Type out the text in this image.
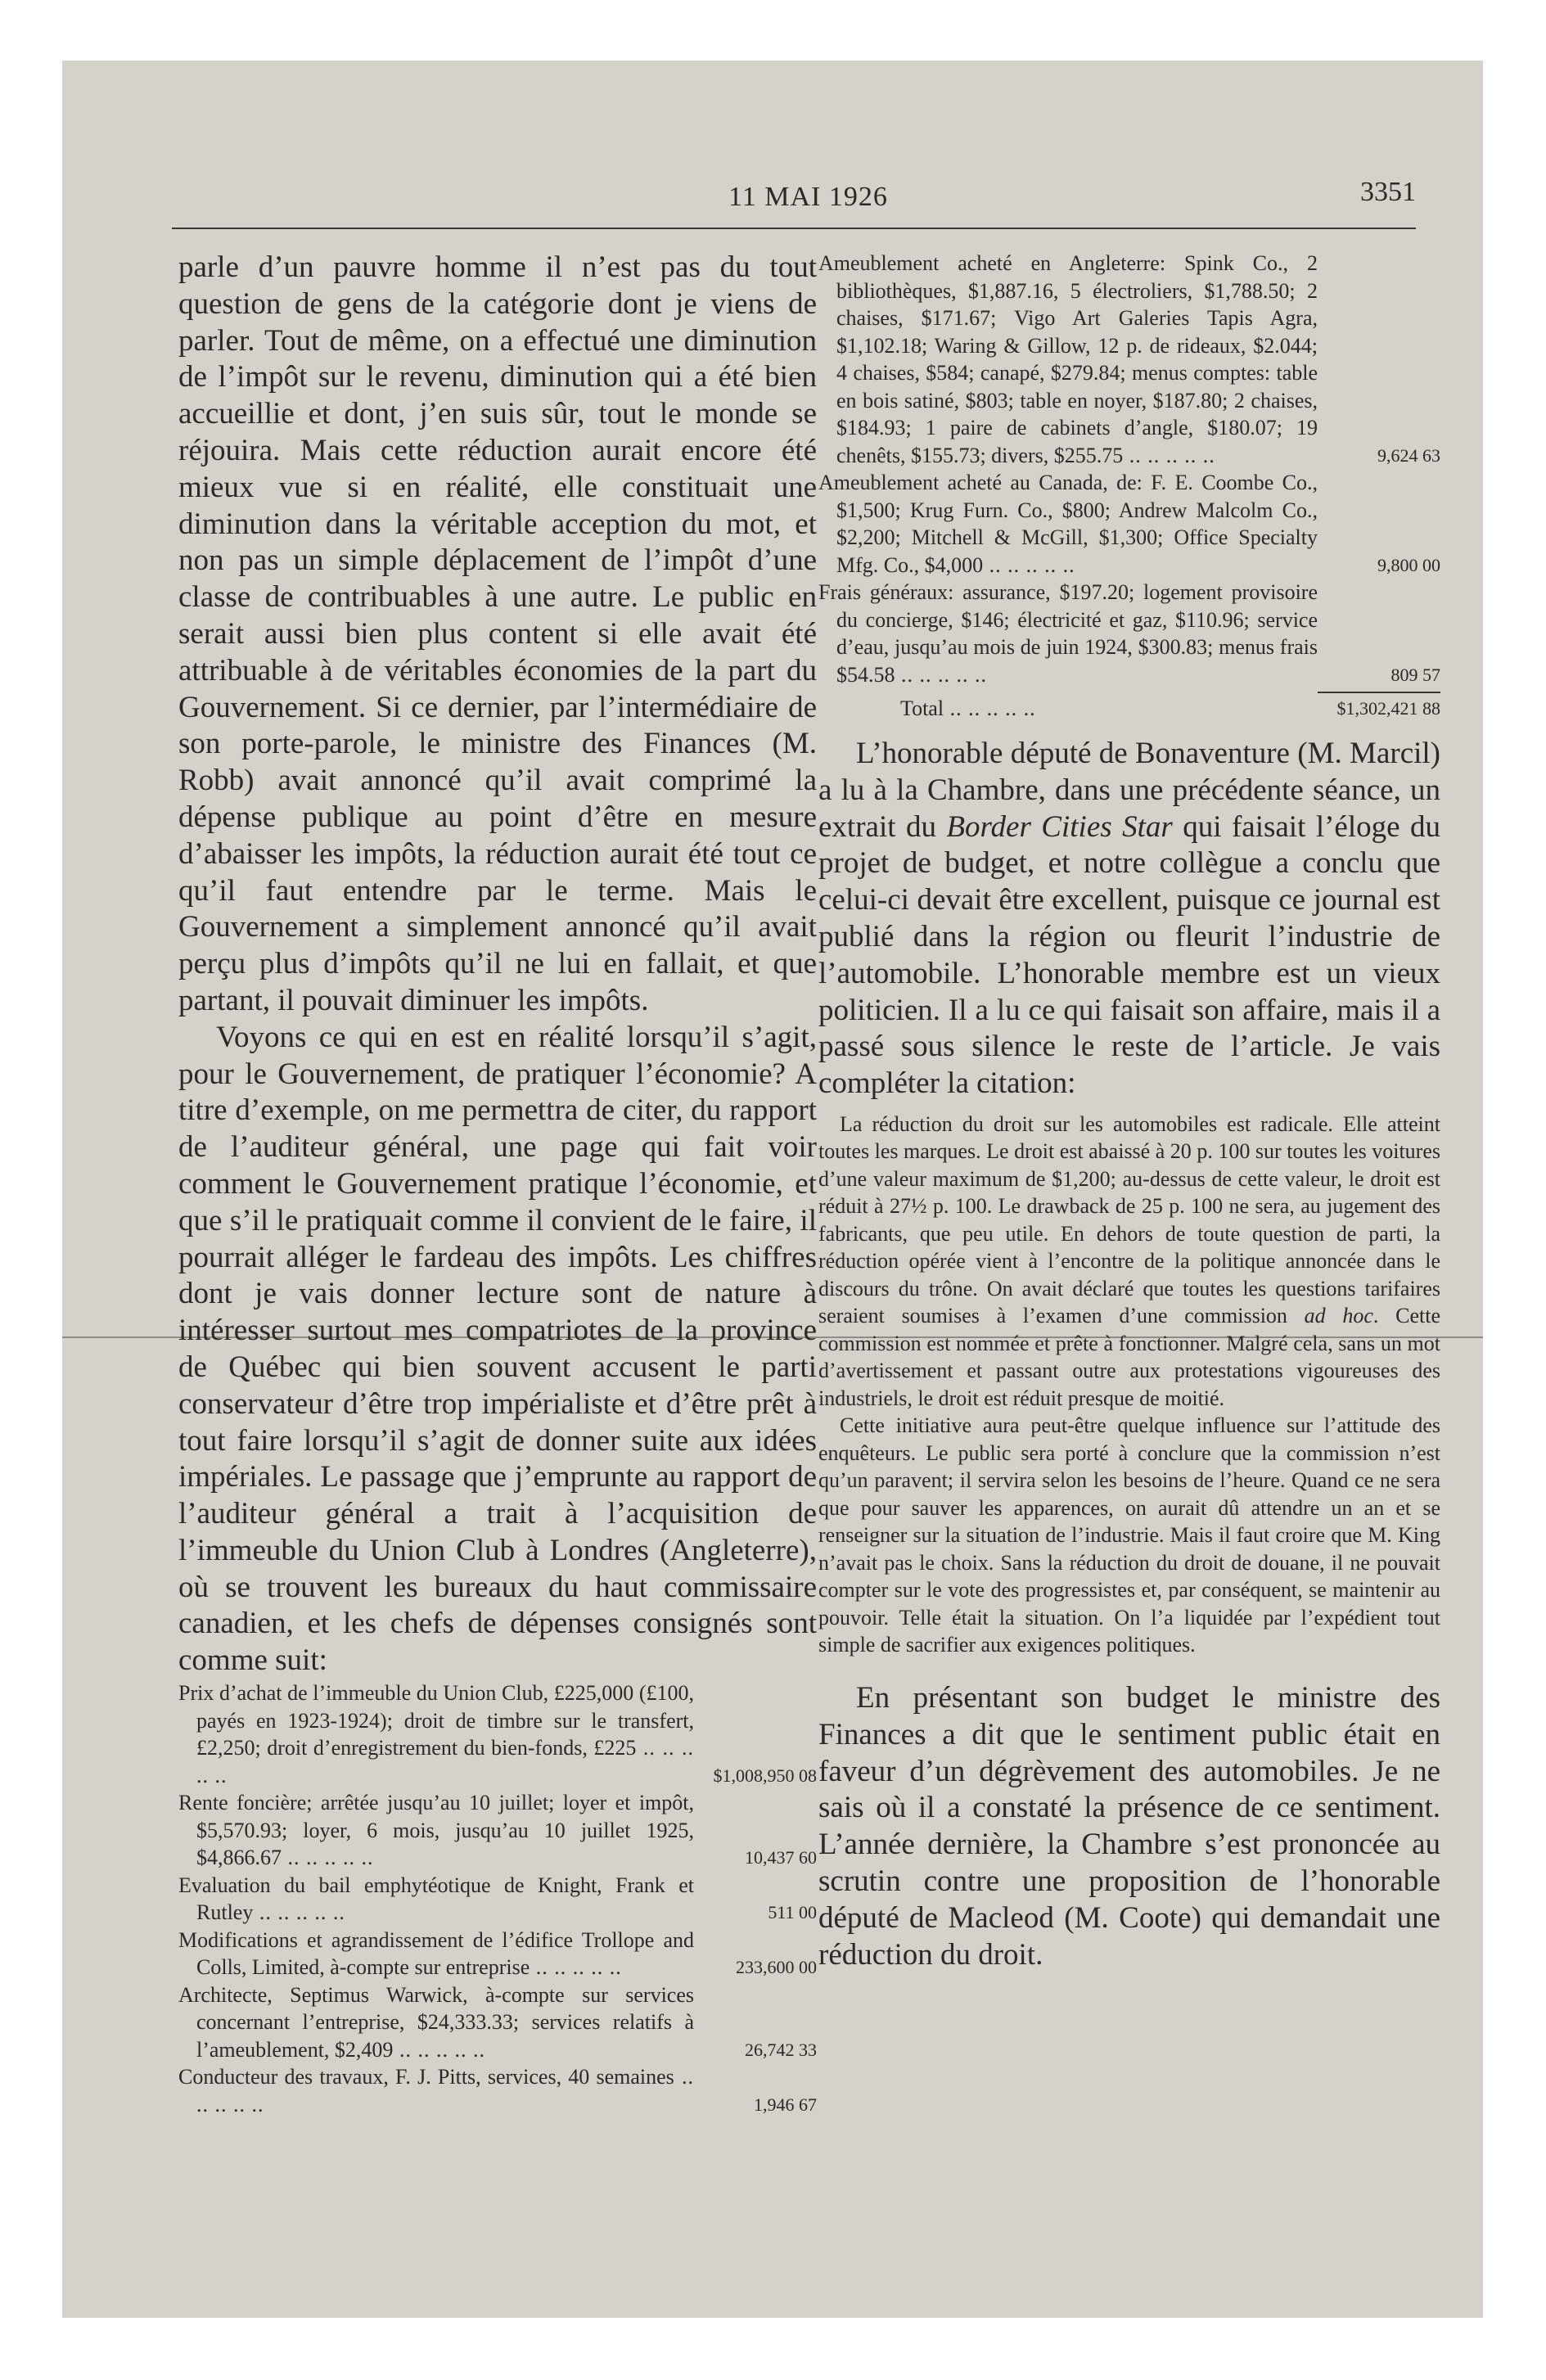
11 MAI 1926	3351

parle d’un pauvre homme il n’est pas du tout question de gens de la catégorie dont je viens de parler. Tout de même, on a effectué une diminution de l’impôt sur le revenu, diminution qui a été bien accueillie et dont, j’en suis sûr, tout le monde se réjouira. Mais cette réduction aurait encore été mieux vue si en réalité, elle constituait une diminution dans la véritable acception du mot, et non pas un simple déplacement de l’impôt d’une classe de contribuables à une autre. Le public en serait aussi bien plus content si elle avait été attribuable à de véritables économies de la part du Gouvernement. Si ce dernier, par l’intermédiaire de son porte-parole, le ministre des Finances (M. Robb) avait annoncé qu’il avait comprimé la dépense publique au point d’être en mesure d’abaisser les impôts, la réduction aurait été tout ce qu’il faut entendre par le terme. Mais le Gouvernement a simplement annoncé qu’il avait perçu plus d’impôts qu’il ne lui en fallait, et que partant, il pouvait diminuer les impôts.

Voyons ce qui en est en réalité lorsqu’il s’agit, pour le Gouvernement, de pratiquer l’économie? A titre d’exemple, on me permettra de citer, du rapport de l’auditeur général, une page qui fait voir comment le Gouvernement pratique l’économie, et que s’il le pratiquait comme il convient de le faire, il pourrait alléger le fardeau des impôts. Les chiffres dont je vais donner lecture sont de nature à intéresser surtout mes compatriotes de la province de Québec qui bien souvent accusent le parti conservateur d’être trop impérialiste et d’être prêt à tout faire lorsqu’il s’agit de donner suite aux idées impériales. Le passage que j’emprunte au rapport de l’auditeur général a trait à l’acquisition de l’immeuble du Union Club à Londres (Angleterre), où se trouvent les bureaux du haut commissaire canadien, et les chefs de dépenses consignés sont comme suit:

Prix d’achat de l’immeuble du Union Club, £225,000 (£100, payés en 1923-1924); droit de timbre sur le transfert, £2,250; droit d’enregistrement du bien-fonds, £225 .. ..	$1,008,950 08
Rente foncière; arrêtée jusqu’au 10 juillet; loyer et impôt, $5,570.93; loyer, 6 mois, jusqu’au 10 juillet 1925, $4,866.67 .. ..	10,437 60
Evaluation du bail emphytéotique de Knight, Frank et Rutley .. ..	511 00
Modifications et agrandissement de l’édifice Trollope and Colls, Limited, à-compte sur entreprise .. ..	233,600 00
Architecte, Septimus Warwick, à-compte sur services concernant l’entreprise, $24,333.33; services relatifs à l’ameublement, $2,409 .. ..	26,742 33
Conducteur des travaux, F. J. Pitts, services, 40 semaines .. ..	1,946 67
Ameublement acheté en Angleterre: Spink Co., 2 bibliothèques, $1,887.16, 5 électroliers, $1,788.50; 2 chaises, $171.67; Vigo Art Galeries Tapis Agra, $1,102.18; Waring & Gillow, 12 p. de rideaux, $2.044; 4 chaises, $584; canapé, $279.84; menus comptes: table en bois satiné, $803; table en noyer, $187.80; 2 chaises, $184.93; 1 paire de cabinets d’angle, $180.07; 19 chenêts, $155.73; divers, $255.75 .. ..	9,624 63
Ameublement acheté au Canada, de: F. E. Coombe Co., $1,500; Krug Furn. Co., $800; Andrew Malcolm Co., $2,200; Mitchell & McGill, $1,300; Office Specialty Mfg. Co., $4,000 .. ..	9,800 00
Frais généraux: assurance, $197.20; logement provisoire du concierge, $146; électricité et gaz, $110.96; service d’eau, jusqu’au mois de juin 1924, $300.83; menus frais $54.58 .. ..	809 57
Total .. ..	$1,302,421 88

L’honorable député de Bonaventure (M. Marcil) a lu à la Chambre, dans une précédente séance, un extrait du Border Cities Star qui faisait l’éloge du projet de budget, et notre collègue a conclu que celui-ci devait être excellent, puisque ce journal est publié dans la région ou fleurit l’industrie de l’automobile. L’honorable membre est un vieux politicien. Il a lu ce qui faisait son affaire, mais il a passé sous silence le reste de l’article. Je vais compléter la citation:

La réduction du droit sur les automobiles est radicale. Elle atteint toutes les marques. Le droit est abaissé à 20 p. 100 sur toutes les voitures d’une valeur maximum de $1,200; au-dessus de cette valeur, le droit est réduit à 27½ p. 100. Le drawback de 25 p. 100 ne sera, au jugement des fabricants, que peu utile. En dehors de toute question de parti, la réduction opérée vient à l’encontre de la politique annoncée dans le discours du trône. On avait déclaré que toutes les questions tarifaires seraient soumises à l’examen d’une commission ad hoc. Cette commission est nommée et prête à fonctionner. Malgré cela, sans un mot d’avertissement et passant outre aux protestations vigoureuses des industriels, le droit est réduit presque de moitié.

Cette initiative aura peut-être quelque influence sur l’attitude des enquêteurs. Le public sera porté à conclure que la commission n’est qu’un paravent; il servira selon les besoins de l’heure. Quand ce ne sera que pour sauver les apparences, on aurait dû attendre un an et se renseigner sur la situation de l’industrie. Mais il faut croire que M. King n’avait pas le choix. Sans la réduction du droit de douane, il ne pouvait compter sur le vote des progressistes et, par conséquent, se maintenir au pouvoir. Telle était la situation. On l’a liquidée par l’expédient tout simple de sacrifier aux exigences politiques.

En présentant son budget le ministre des Finances a dit que le sentiment public était en faveur d’un dégrèvement des automobiles. Je ne sais où il a constaté la présence de ce sentiment. L’année dernière, la Chambre s’est prononcée au scrutin contre une proposition de l’honorable député de Macleod (M. Coote) qui demandait une réduction du droit.
